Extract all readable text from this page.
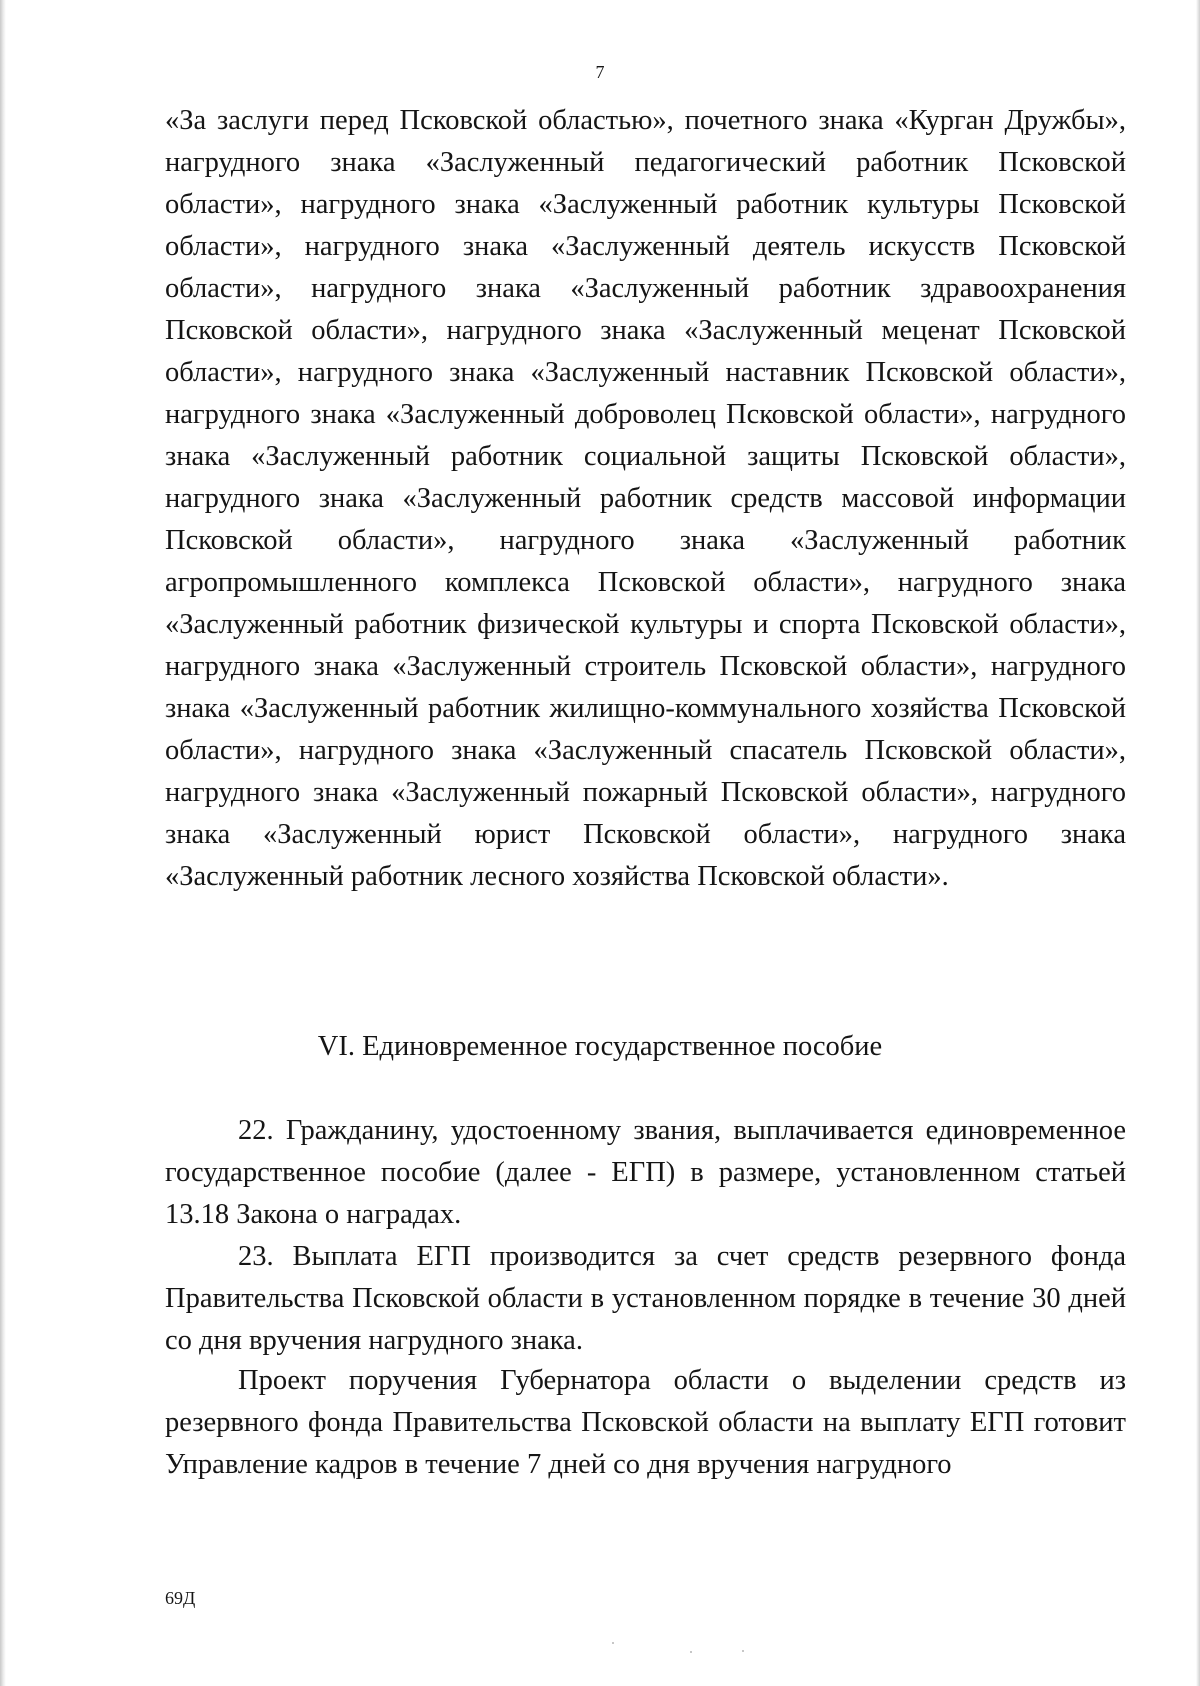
7

«За заслуги перед Псковской областью», почетного знака «Курган Дружбы», нагрудного знака «Заслуженный педагогический работник Псковской области», нагрудного знака «Заслуженный работник культуры Псковской области», нагрудного знака «Заслуженный деятель искусств Псковской области», нагрудного знака «Заслуженный работник здравоохранения Псковской области», нагрудного знака «Заслуженный меценат Псковской области», нагрудного знака «Заслуженный наставник Псковской области», нагрудного знака «Заслуженный доброволец Псковской области», нагрудного знака «Заслуженный работник социальной защиты Псковской области», нагрудного знака «Заслуженный работник средств массовой информации Псковской области», нагрудного знака «Заслуженный работник агропромышленного комплекса Псковской области», нагрудного знака «Заслуженный работник физической культуры и спорта Псковской области», нагрудного знака «Заслуженный строитель Псковской области», нагрудного знака «Заслуженный работник жилищно-коммунального хозяйства Псковской области», нагрудного знака «Заслуженный спасатель Псковской области», нагрудного знака «Заслуженный пожарный Псковской области», нагрудного знака «Заслуженный юрист Псковской области», нагрудного знака «Заслуженный работник лесного хозяйства Псковской области».

VI. Единовременное государственное пособие

22. Гражданину, удостоенному звания, выплачивается единовременное государственное пособие (далее - ЕГП) в размере, установленном статьей 13.18 Закона о наградах.

23. Выплата ЕГП производится за счет средств резервного фонда Правительства Псковской области в установленном порядке в течение 30 дней со дня вручения нагрудного знака.

Проект поручения Губернатора области о выделении средств из резервного фонда Правительства Псковской области на выплату ЕГП готовит Управление кадров в течение 7 дней со дня вручения нагрудного

69Д
